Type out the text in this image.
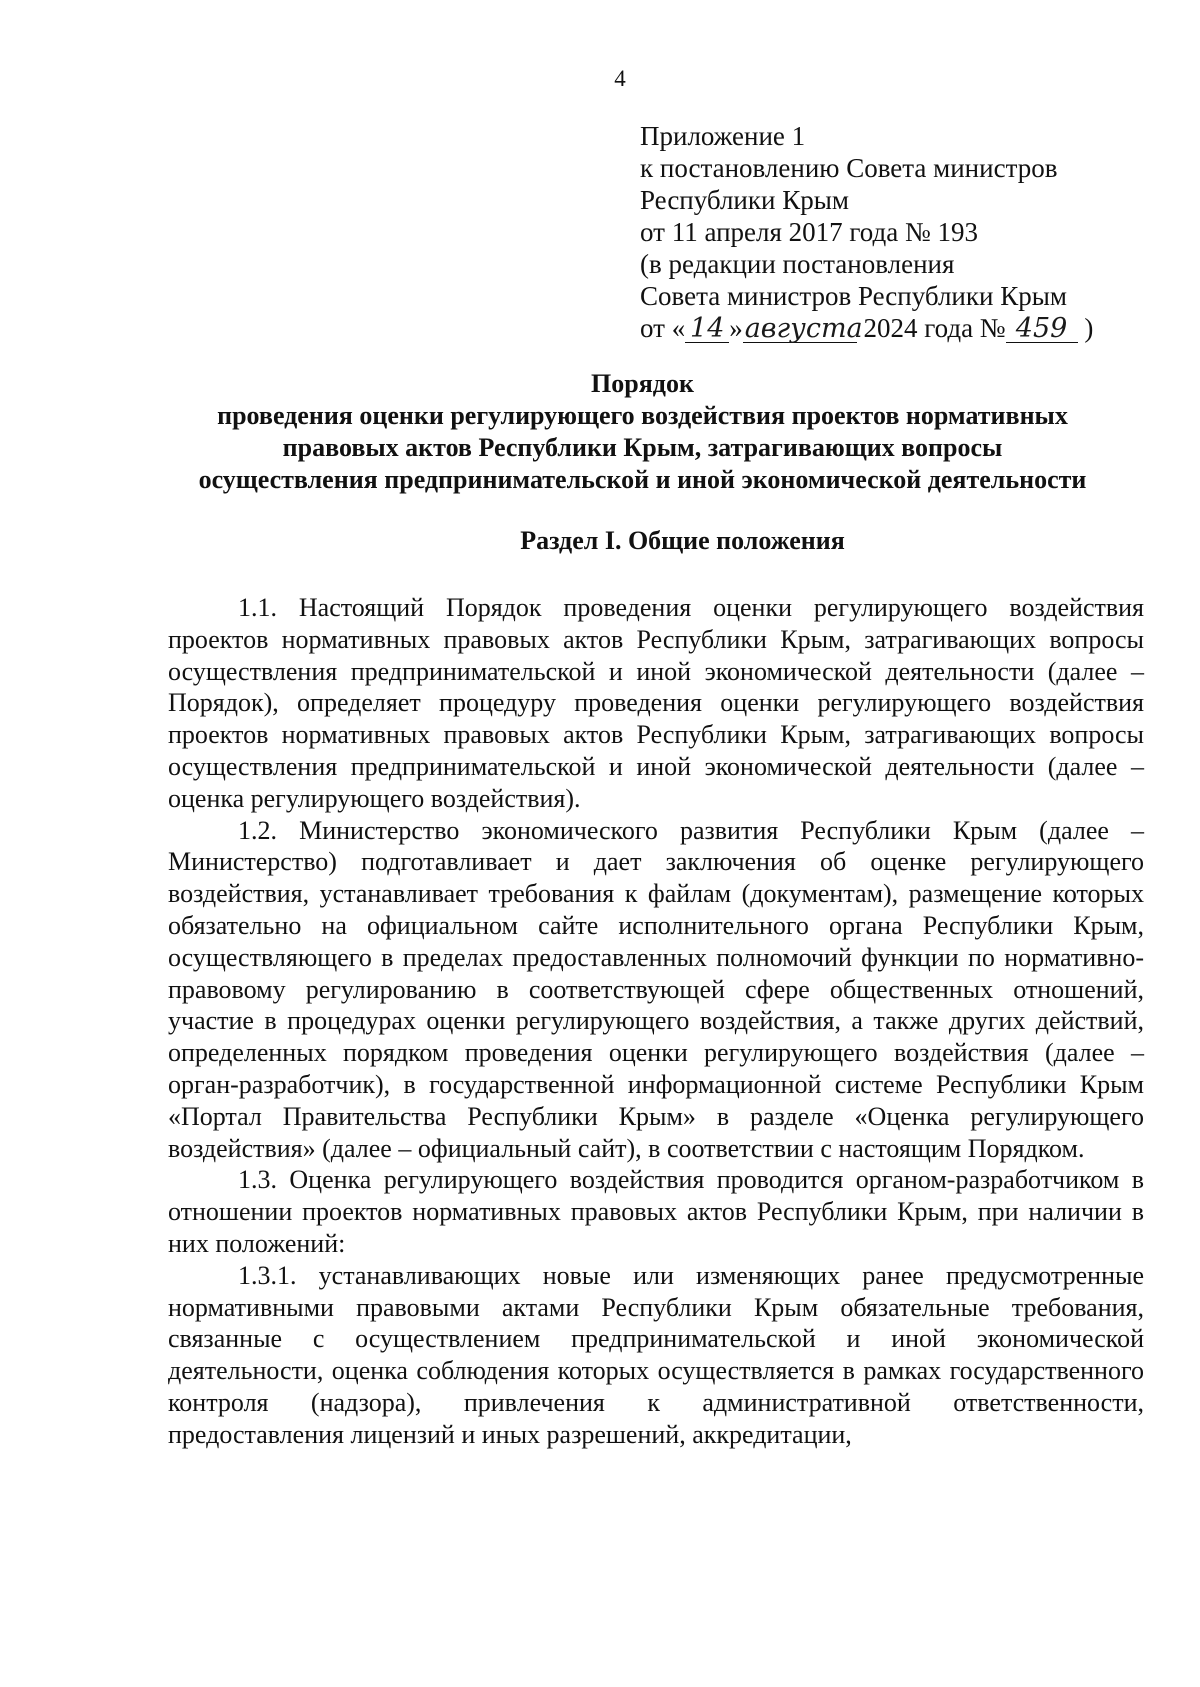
4
Приложение 1
к постановлению Совета министров
Республики Крым
от 11 апреля 2017 года № 193
(в редакции постановления
Совета министров Республики Крым
от « 14 »августа 2024 года № 459 )
Порядок
проведения оценки регулирующего воздействия проектов нормативных
правовых актов Республики Крым, затрагивающих вопросы
осуществления предпринимательской и иной экономической деятельности
Раздел I. Общие положения

1.1. Настоящий Порядок проведения оценки регулирующего воздействия проектов нормативных правовых актов Республики Крым, затрагивающих вопросы осуществления предпринимательской и иной экономической деятельности (далее – Порядок), определяет процедуру проведения оценки регулирующего воздействия проектов нормативных правовых актов Республики Крым, затрагивающих вопросы осуществления предпринимательской и иной экономической деятельности (далее – оценка регулирующего воздействия).

1.2. Министерство экономического развития Республики Крым (далее – Министерство) подготавливает и дает заключения об оценке регулирующего воздействия, устанавливает требования к файлам (документам), размещение которых обязательно на официальном сайте исполнительного органа Республики Крым, осуществляющего в пределах предоставленных полномочий функции по нормативно-правовому регулированию в соответствующей сфере общественных отношений, участие в процедурах оценки регулирующего воздействия, а также других действий, определенных порядком проведения оценки регулирующего воздействия (далее – орган-разработчик), в государственной информационной системе Республики Крым «Портал Правительства Республики Крым» в разделе «Оценка регулирующего воздействия» (далее – официальный сайт), в соответствии с настоящим Порядком.

1.3. Оценка регулирующего воздействия проводится органом-разработчиком в отношении проектов нормативных правовых актов Республики Крым, при наличии в них положений:

1.3.1. устанавливающих новые или изменяющих ранее предусмотренные нормативными правовыми актами Республики Крым обязательные требования, связанные с осуществлением предпринимательской и иной экономической деятельности, оценка соблюдения которых осуществляется в рамках государственного контроля (надзора), привлечения к административной ответственности, предоставления лицензий и иных разрешений, аккредитации,
